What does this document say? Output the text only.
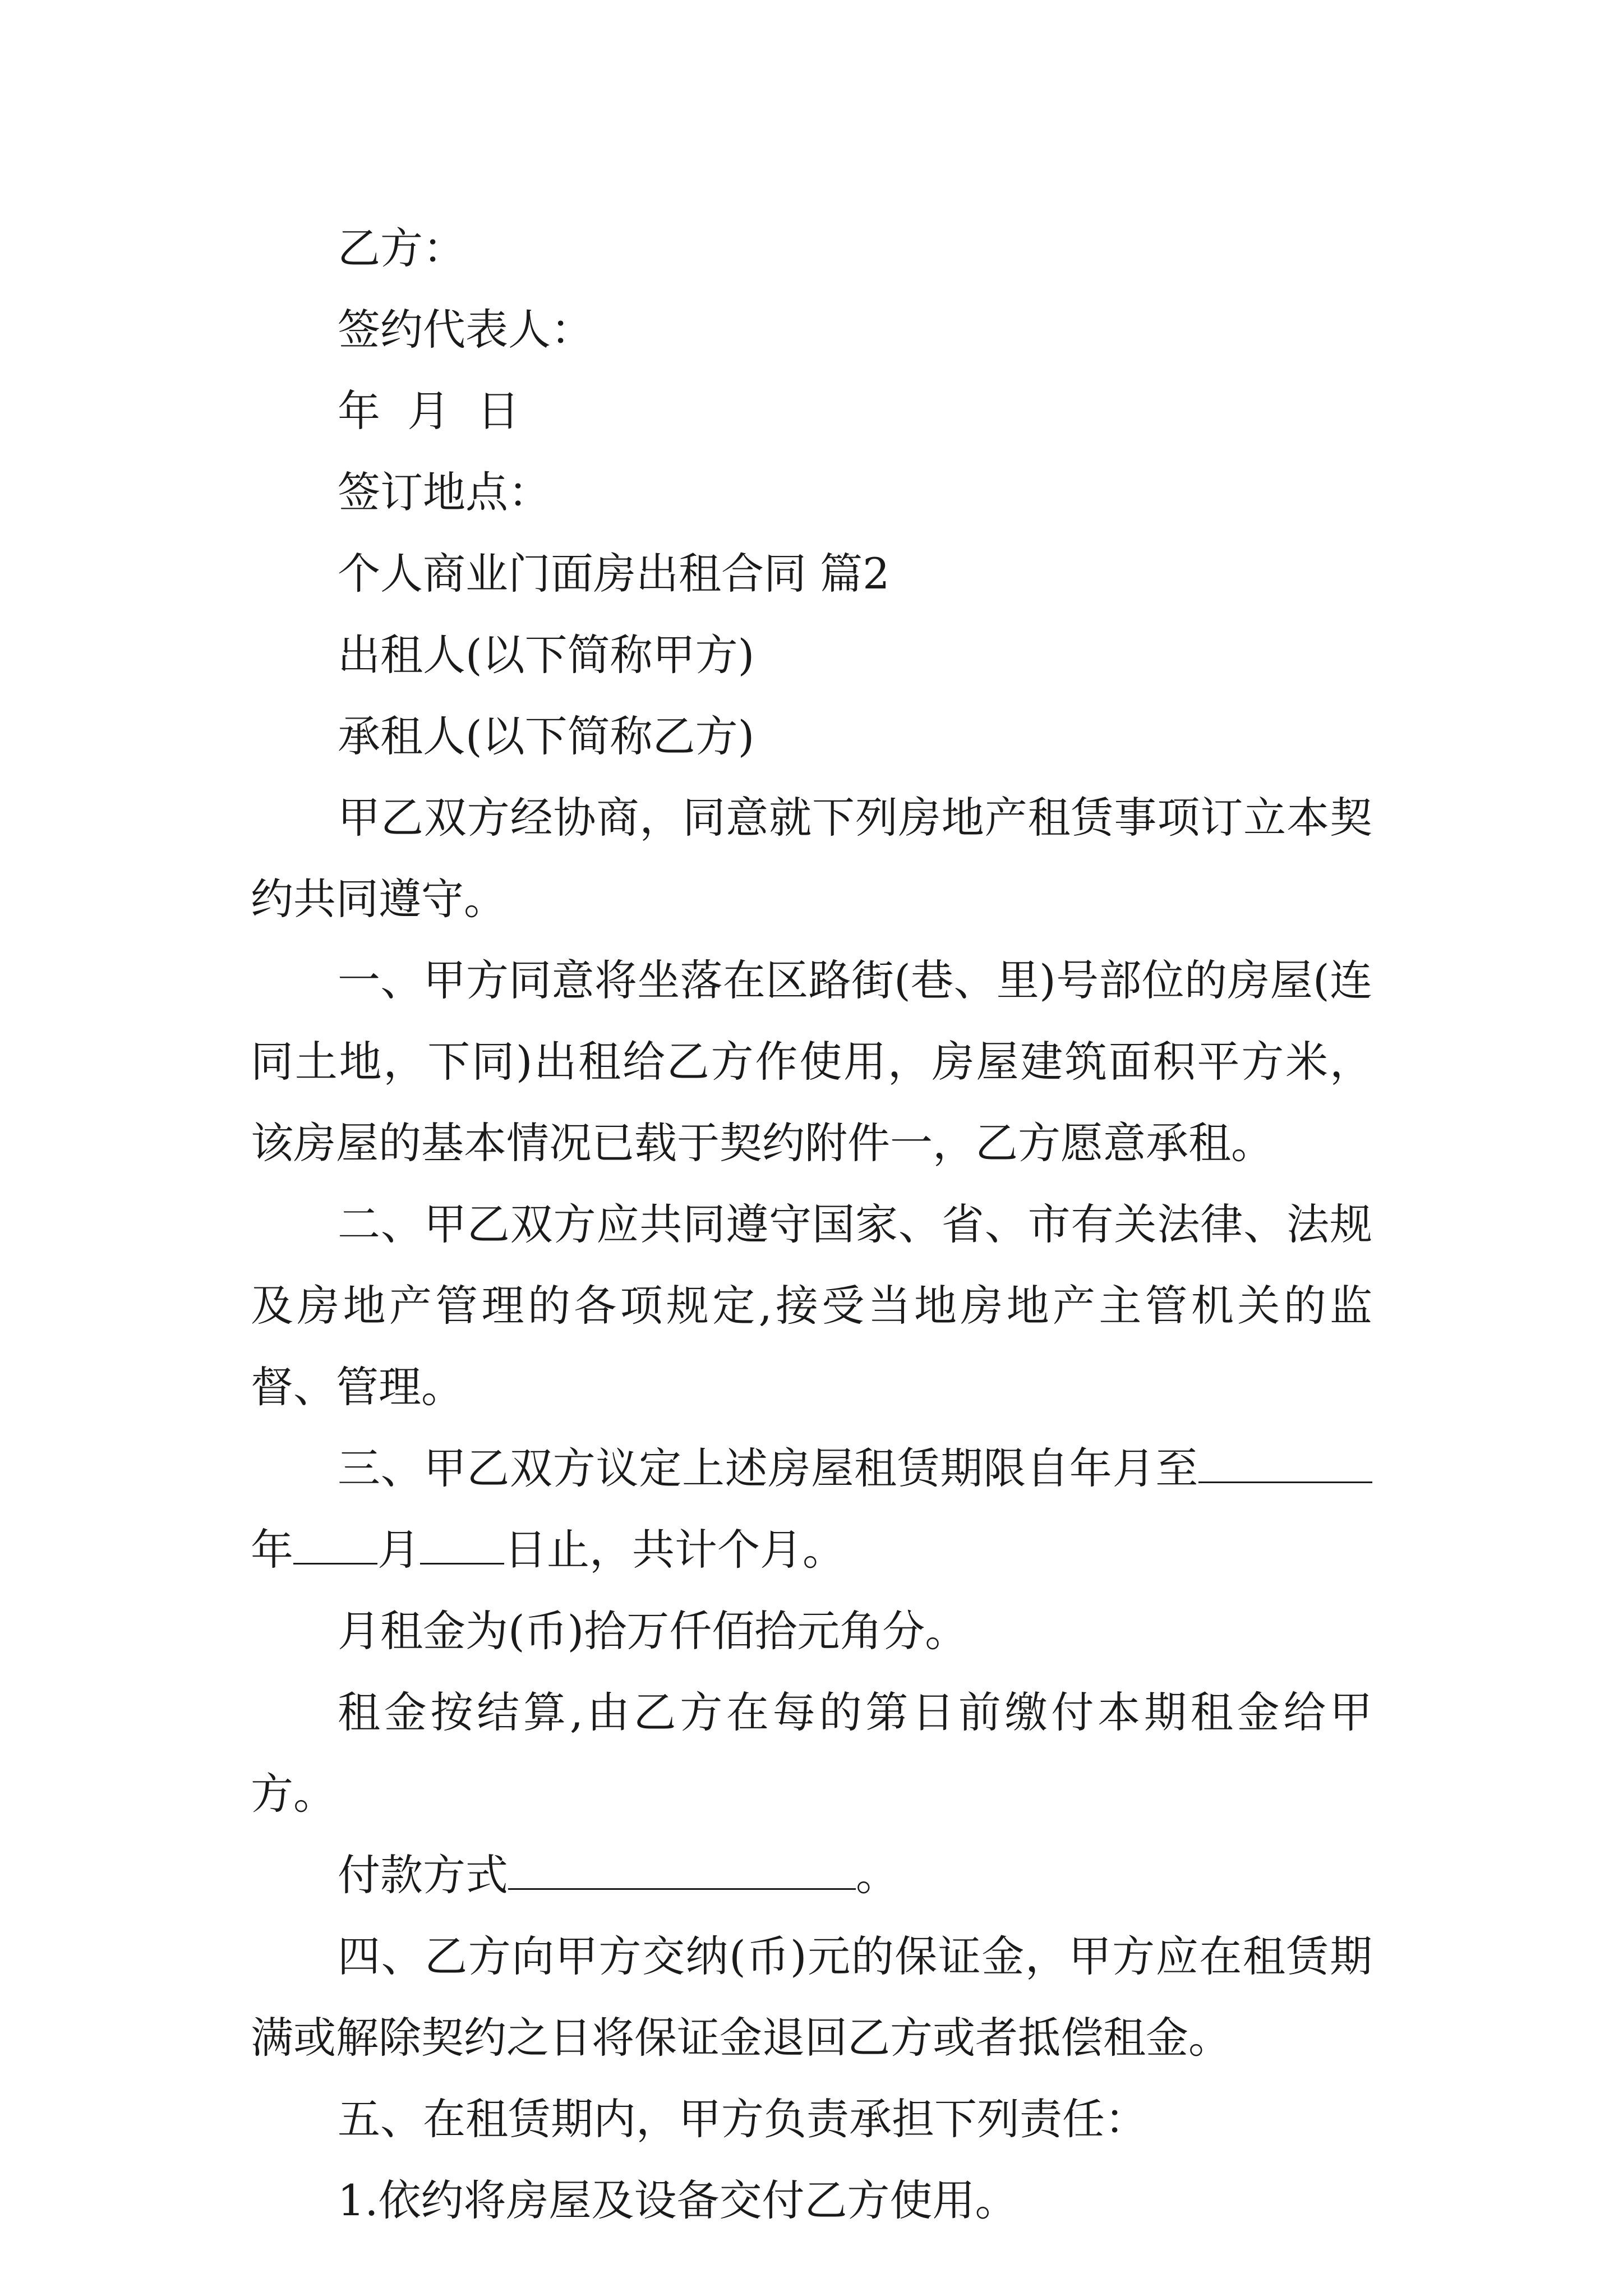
乙方：

签约代表人：

年  月  日

签订地点：

个人商业门面房出租合同 篇2

出租人(以下简称甲方)

承租人(以下简称乙方)

甲乙双方经协商，同意就下列房地产租赁事项订立本契约共同遵守。

一、甲方同意将坐落在区路街(巷、里)号部位的房屋(连同土地，下同)出租给乙方作使用，房屋建筑面积平方米，该房屋的基本情况已载于契约附件一，乙方愿意承租。

二、甲乙双方应共同遵守国家、省、市有关法律、法规及房地产管理的各项规定,接受当地房地产主管机关的监督、管理。

三、甲乙双方议定上述房屋租赁期限自年月至年 月 日止，共计个月。

月租金为(币)拾万仟佰拾元角分。

租金按结算,由乙方在每的第日前缴付本期租金给甲方。

付款方式	。

四、乙方向甲方交纳(币)元的保证金，甲方应在租赁期满或解除契约之日将保证金退回乙方或者抵偿租金。

五、在租赁期内，甲方负责承担下列责任：

1.依约将房屋及设备交付乙方使用。
